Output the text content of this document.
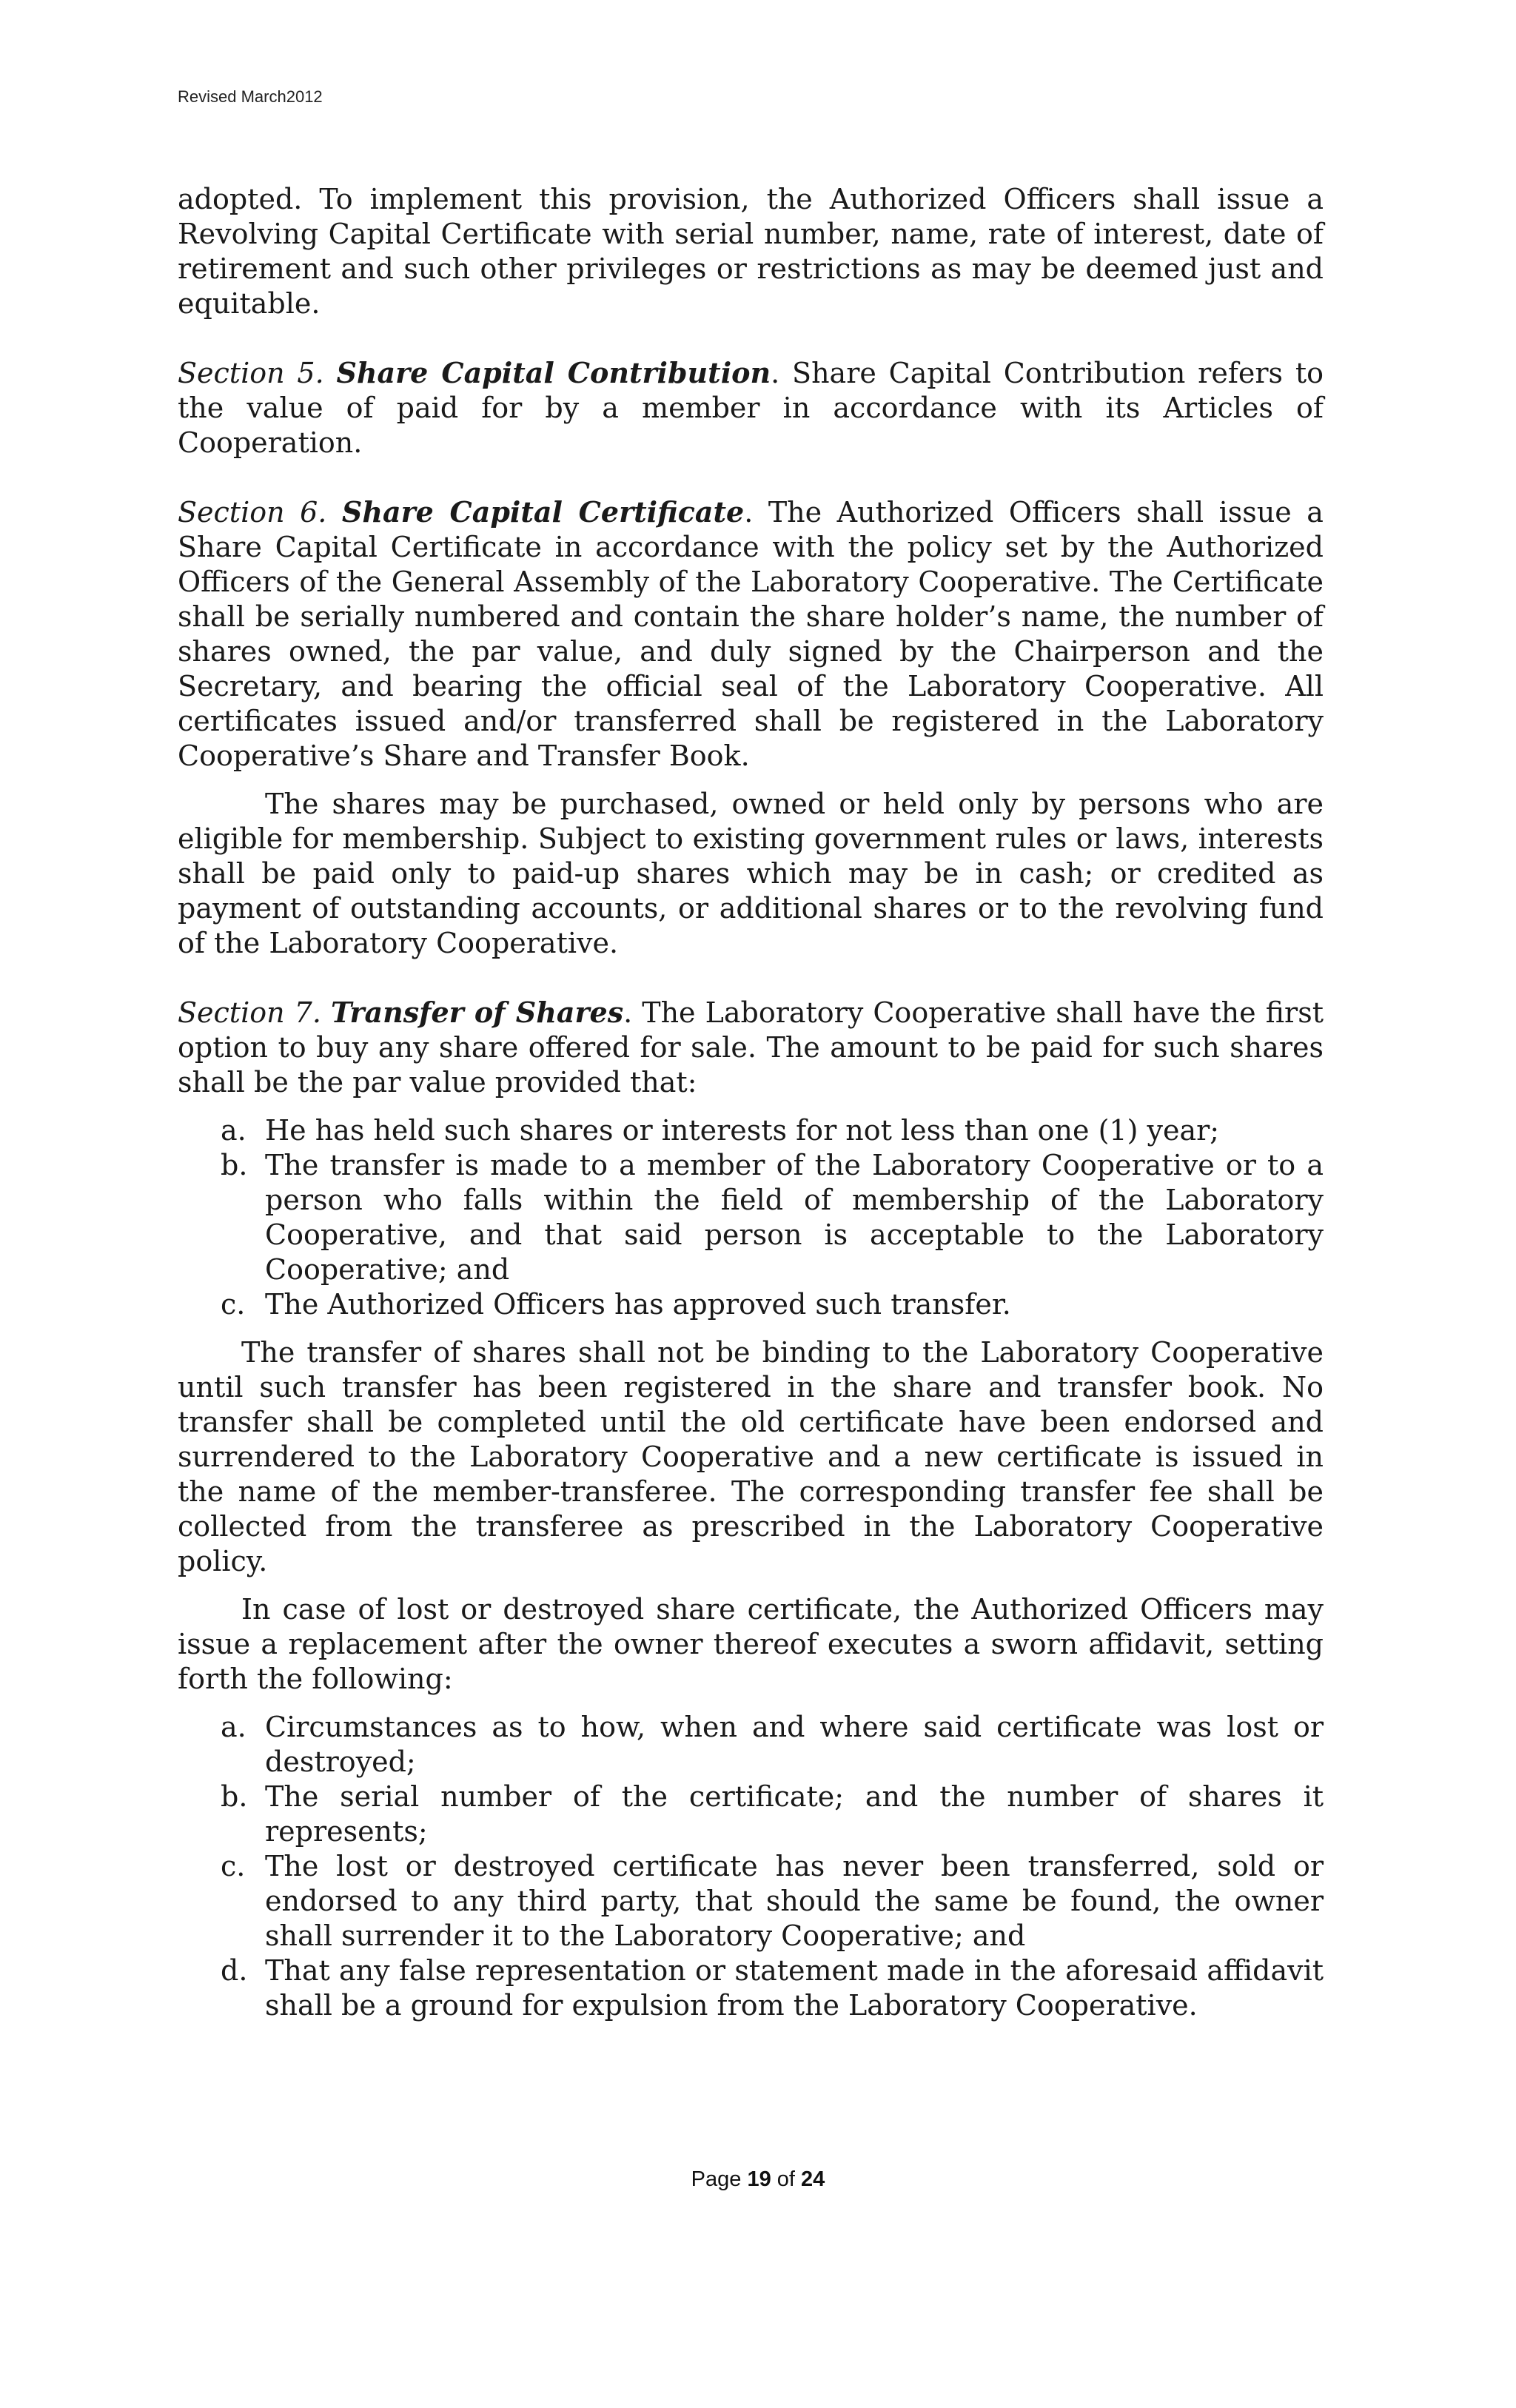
Revised March2012

adopted. To implement this provision, the Authorized Officers shall issue a Revolving Capital Certificate with serial number, name, rate of interest, date of retirement and such other privileges or restrictions as may be deemed just and equitable.

Section 5. Share Capital Contribution. Share Capital Contribution refers to the value of paid for by a member in accordance with its Articles of Cooperation.

Section 6. Share Capital Certificate. The Authorized Officers shall issue a Share Capital Certificate in accordance with the policy set by the Authorized Officers of the General Assembly of the Laboratory Cooperative. The Certificate shall be serially numbered and contain the share holder’s name, the number of shares owned, the par value, and duly signed by the Chairperson and the Secretary, and bearing the official seal of the Laboratory Cooperative. All certificates issued and/or transferred shall be registered in the Laboratory Cooperative’s Share and Transfer Book.

The shares may be purchased, owned or held only by persons who are eligible for membership. Subject to existing government rules or laws, interests shall be paid only to paid-up shares which may be in cash; or credited as payment of outstanding accounts, or additional shares or to the revolving fund of the Laboratory Cooperative.

Section 7. Transfer of Shares. The Laboratory Cooperative shall have the first option to buy any share offered for sale. The amount to be paid for such shares shall be the par value provided that:

a. He has held such shares or interests for not less than one (1) year;
b. The transfer is made to a member of the Laboratory Cooperative or to a person who falls within the field of membership of the Laboratory Cooperative, and that said person is acceptable to the Laboratory Cooperative; and
c. The Authorized Officers has approved such transfer.

The transfer of shares shall not be binding to the Laboratory Cooperative until such transfer has been registered in the share and transfer book. No transfer shall be completed until the old certificate have been endorsed and surrendered to the Laboratory Cooperative and a new certificate is issued in the name of the member-transferee. The corresponding transfer fee shall be collected from the transferee as prescribed in the Laboratory Cooperative policy.

In case of lost or destroyed share certificate, the Authorized Officers may issue a replacement after the owner thereof executes a sworn affidavit, setting forth the following:

a. Circumstances as to how, when and where said certificate was lost or destroyed;
b. The serial number of the certificate; and the number of shares it represents;
c. The lost or destroyed certificate has never been transferred, sold or endorsed to any third party, that should the same be found, the owner shall surrender it to the Laboratory Cooperative; and
d. That any false representation or statement made in the aforesaid affidavit shall be a ground for expulsion from the Laboratory Cooperative.
Page 19 of 24
